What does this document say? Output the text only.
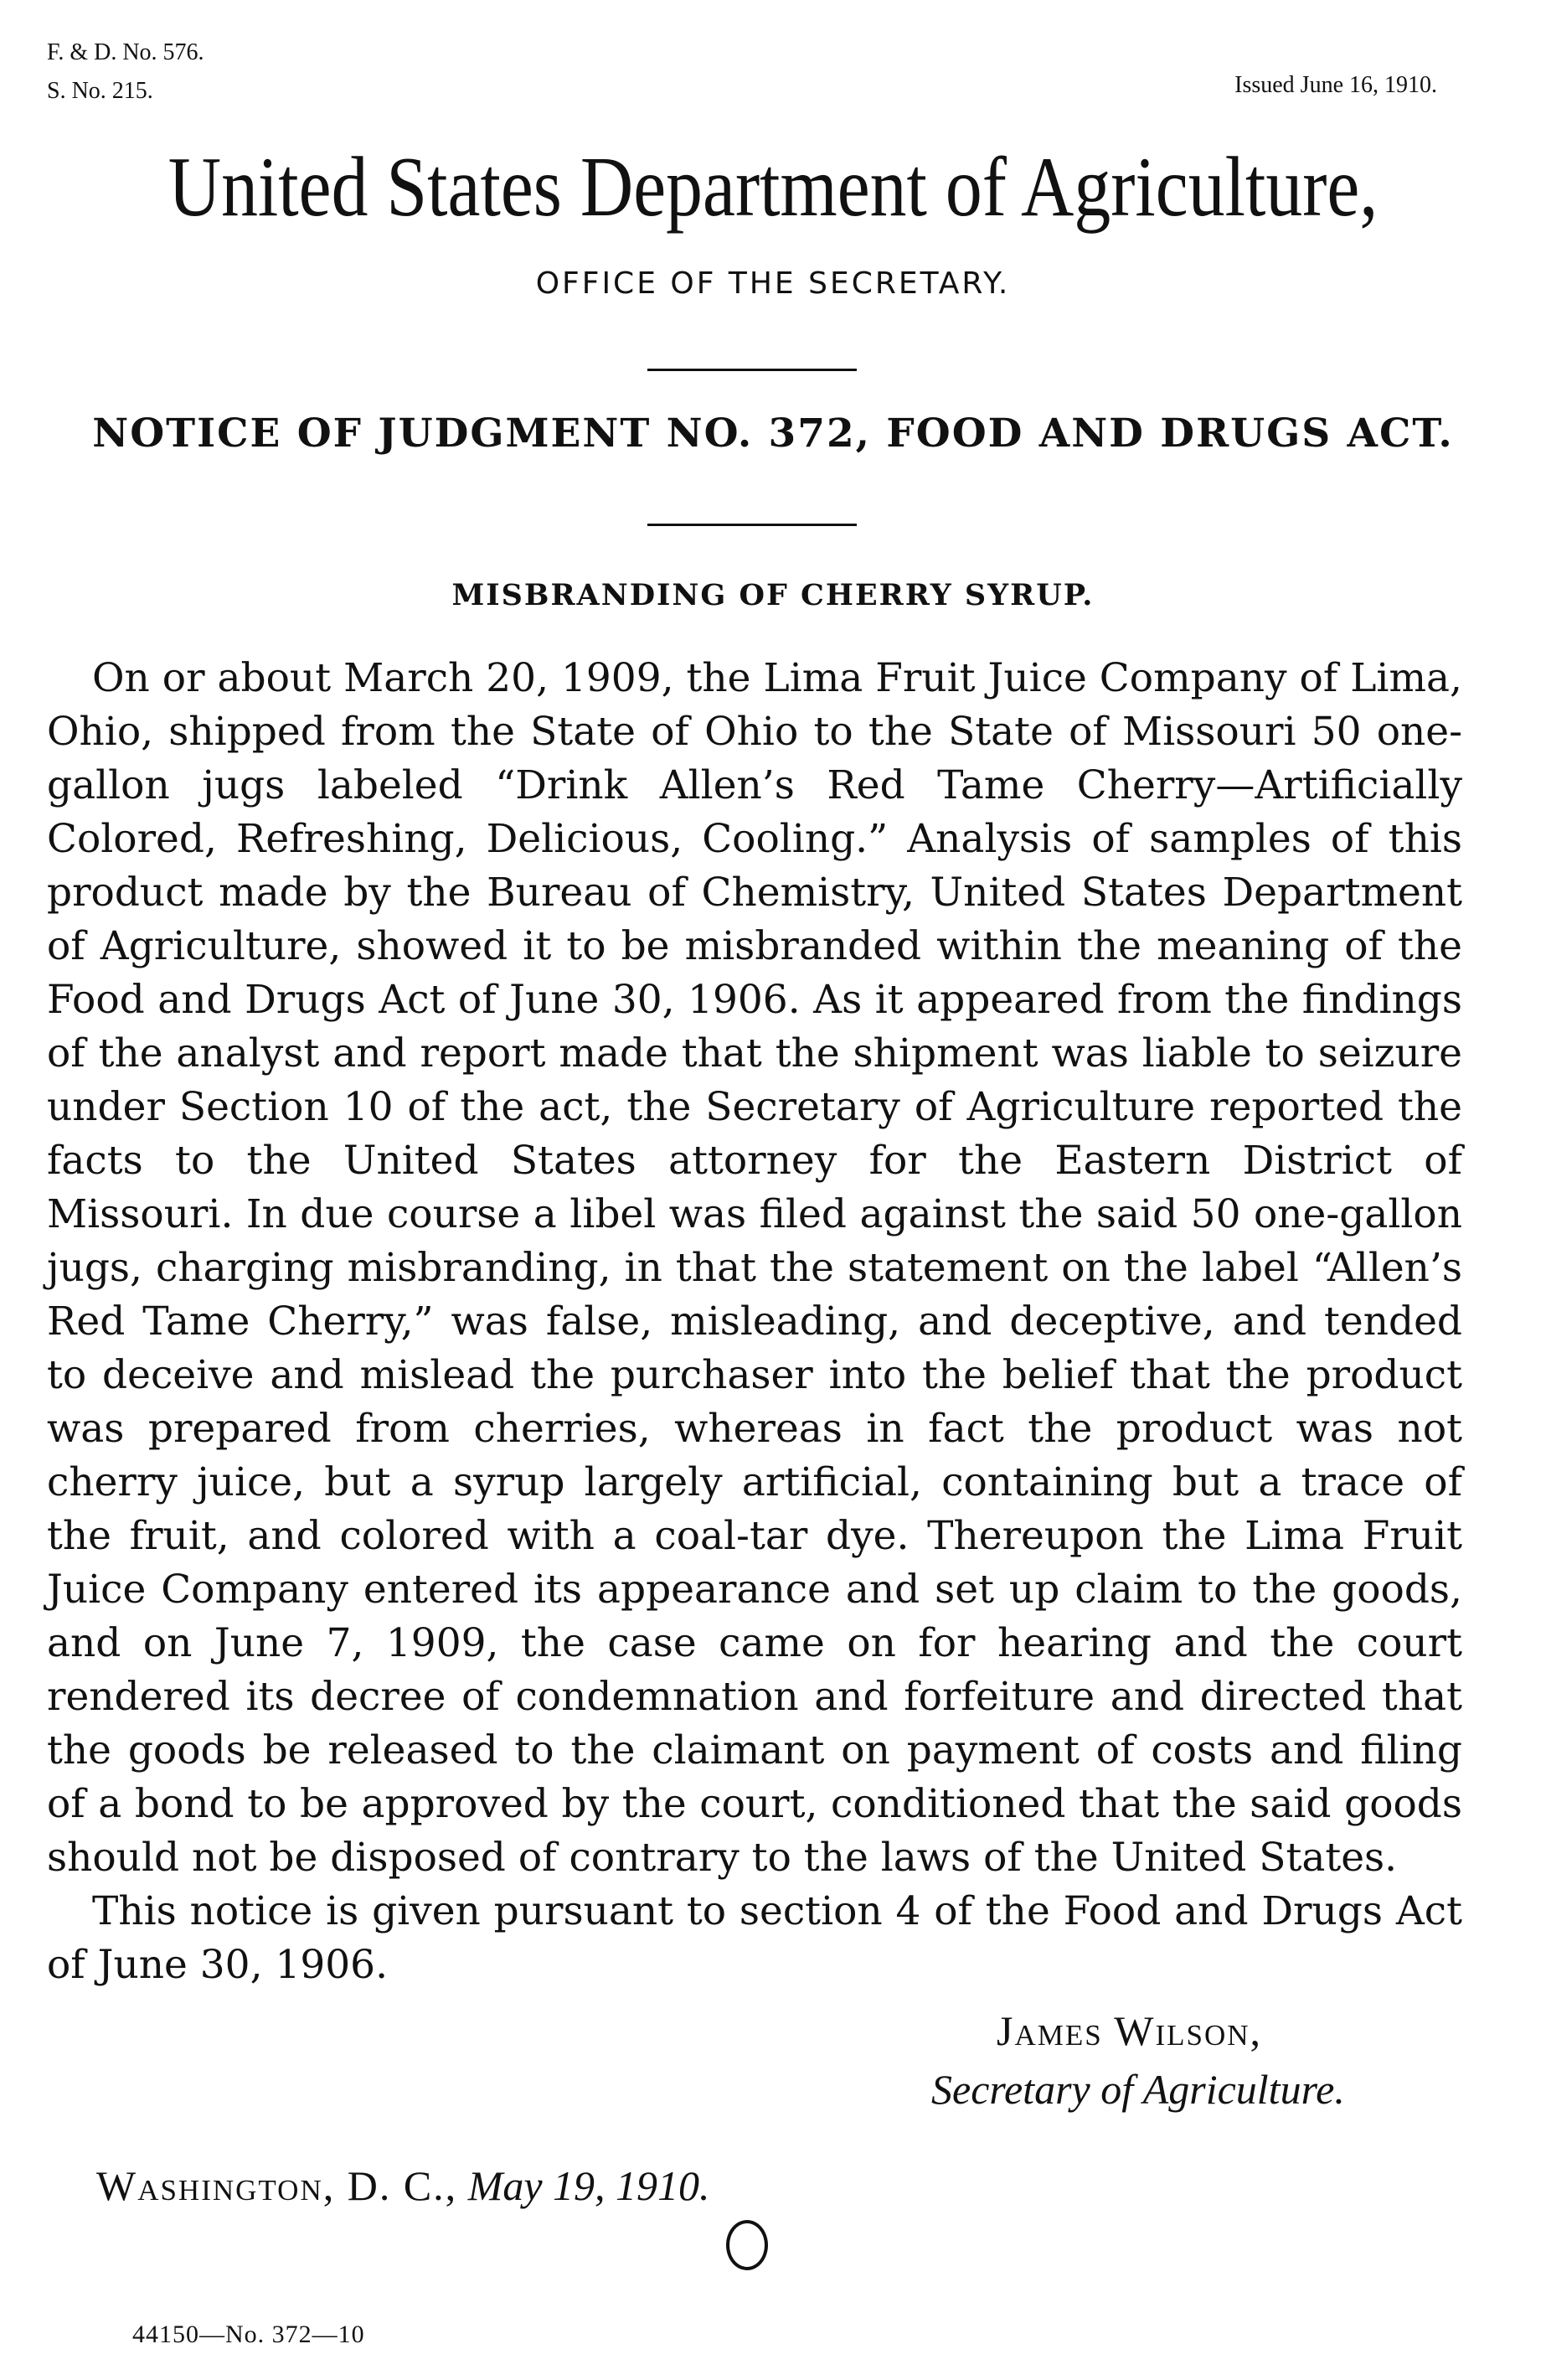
F. & D. No. 576.
S. No. 215.	Issued June 16, 1910.
United States Department of Agriculture,
OFFICE OF THE SECRETARY.
NOTICE OF JUDGMENT NO. 372, FOOD AND DRUGS ACT.
MISBRANDING OF CHERRY SYRUP.

On or about March 20, 1909, the Lima Fruit Juice Company of Lima, Ohio, shipped from the State of Ohio to the State of Missouri 50 one-gallon jugs labeled “Drink Allen’s Red Tame Cherry—Artificially Colored, Refreshing, Delicious, Cooling.” Analysis of samples of this product made by the Bureau of Chemistry, United States Department of Agriculture, showed it to be misbranded within the meaning of the Food and Drugs Act of June 30, 1906. As it appeared from the findings of the analyst and report made that the shipment was liable to seizure under Section 10 of the act, the Secretary of Agriculture reported the facts to the United States attorney for the Eastern District of Missouri. In due course a libel was filed against the said 50 one-gallon jugs, charging misbranding, in that the statement on the label “Allen’s Red Tame Cherry,” was false, misleading, and deceptive, and tended to deceive and mislead the purchaser into the belief that the product was prepared from cherries, whereas in fact the product was not cherry juice, but a syrup largely artificial, containing but a trace of the fruit, and colored with a coal-tar dye. Thereupon the Lima Fruit Juice Company entered its appearance and set up claim to the goods, and on June 7, 1909, the case came on for hearing and the court rendered its decree of condemnation and forfeiture and directed that the goods be released to the claimant on payment of costs and filing of a bond to be approved by the court, conditioned that the said goods should not be disposed of contrary to the laws of the United States.

This notice is given pursuant to section 4 of the Food and Drugs Act of June 30, 1906.

James Wilson,
Secretary of Agriculture.
Washington, D. C., May 19, 1910.
44150—No. 372—10
